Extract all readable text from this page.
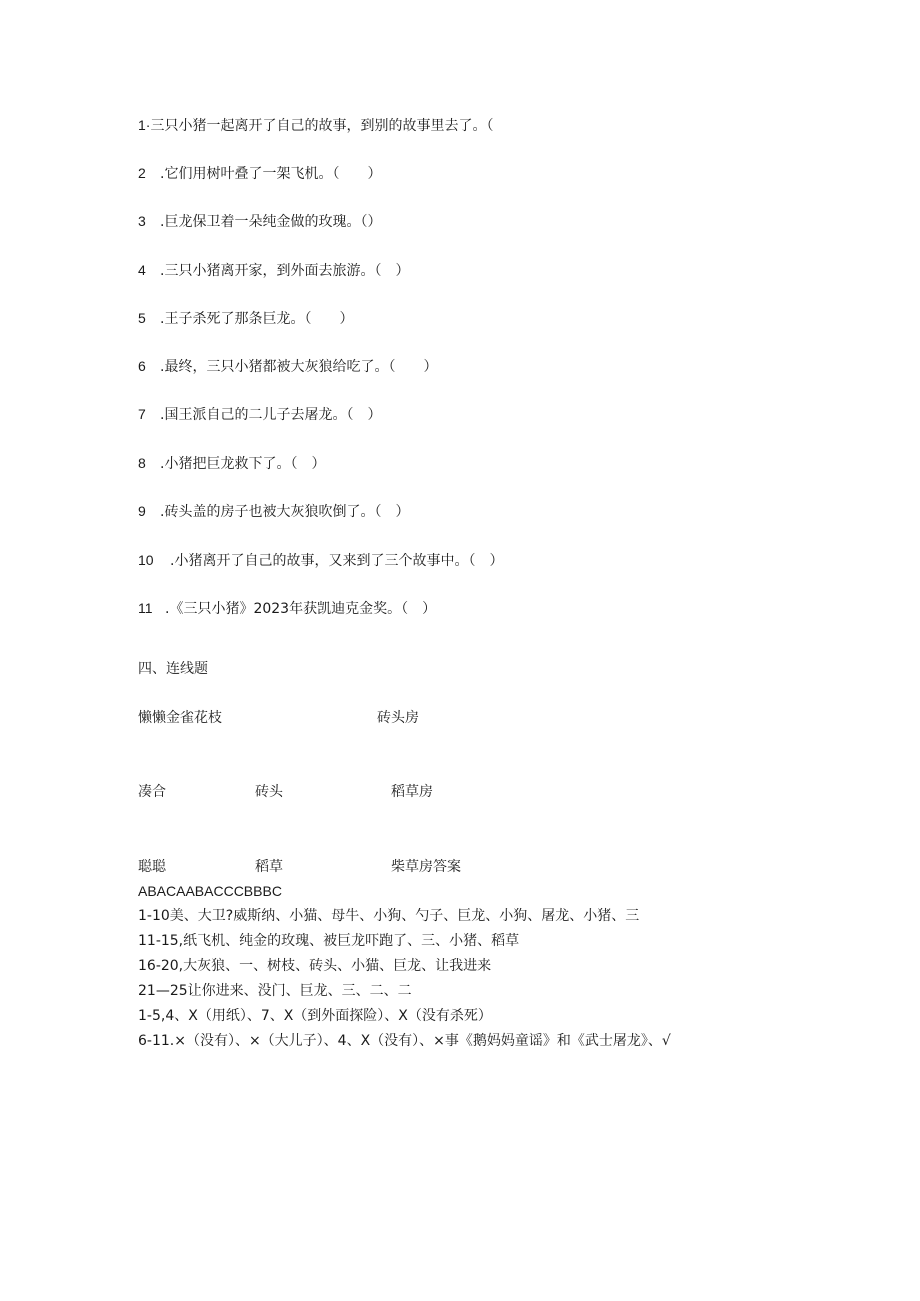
1·三只小猪一起离开了自己的故事，到别的故事里去了。（
2 .它们用树叶叠了一架飞机。（　　）
3 .巨龙保卫着一朵纯金做的玫瑰。（）
4 .三只小猪离开家，到外面去旅游。（　）
5 .王子杀死了那条巨龙。（　　）
6 .最终，三只小猪都被大灰狼给吃了。（　　）
7 .国王派自己的二儿子去屠龙。（　）
8 .小猪把巨龙救下了。（　）
9 .砖头盖的房子也被大灰狼吹倒了。（　）
10 .小猪离开了自己的故事，又来到了三个故事中。（　）
11 .《三只小猪》2023年获凯迪克金奖。（　）
四、连线题
懒懒金雀花枝	砖头房
凑合	砖头	稻草房
聪聪	稻草	柴草房答案
ABACAABACCCBBBC
1-10美、大卫?威斯纳、小猫、母牛、小狗、勺子、巨龙、小狗、屠龙、小猪、三
11-15,纸飞机、纯金的玫瑰、被巨龙吓跑了、三、小猪、稻草
16-20,大灰狼、一、树枝、砖头、小猫、巨龙、让我进来
21—25让你进来、没门、巨龙、三、二、二
1-5,4、X（用纸）、7、X（到外面探险）、X（没有杀死）
6-11.×（没有）、×（大儿子）、4、X（没有）、×事《鹅妈妈童谣》和《武士屠龙》、√
